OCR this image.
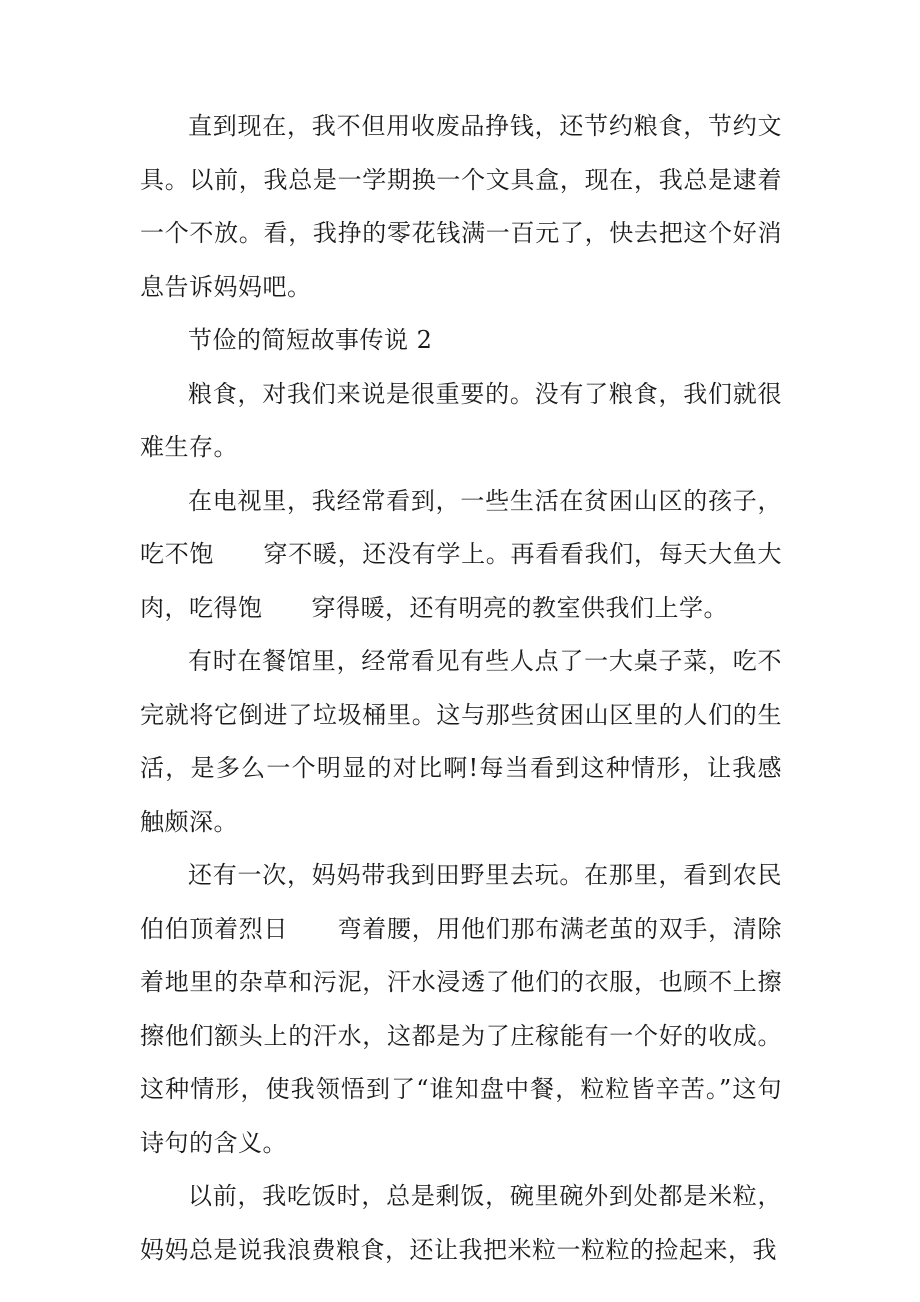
直到现在，我不但用收废品挣钱，还节约粮食，节约文具。以前，我总是一学期换一个文具盒，现在，我总是逮着一个不放。看，我挣的零花钱满一百元了，快去把这个好消息告诉妈妈吧。

节俭的简短故事传说 2

粮食，对我们来说是很重要的。没有了粮食，我们就很难生存。

在电视里，我经常看到，一些生活在贫困山区的孩子，吃不饱　　穿不暖，还没有学上。再看看我们，每天大鱼大肉，吃得饱　　穿得暖，还有明亮的教室供我们上学。

有时在餐馆里，经常看见有些人点了一大桌子菜，吃不完就将它倒进了垃圾桶里。这与那些贫困山区里的人们的生活，是多么一个明显的对比啊!每当看到这种情形，让我感触颇深。

还有一次，妈妈带我到田野里去玩。在那里，看到农民伯伯顶着烈日　　弯着腰，用他们那布满老茧的双手，清除着地里的杂草和污泥，汗水浸透了他们的衣服，也顾不上擦擦他们额头上的汗水，这都是为了庄稼能有一个好的收成。这种情形，使我领悟到了“谁知盘中餐，粒粒皆辛苦。”这句诗句的含义。

以前，我吃饭时，总是剩饭，碗里碗外到处都是米粒，妈妈总是说我浪费粮食，还让我把米粒一粒粒的捡起来，我
